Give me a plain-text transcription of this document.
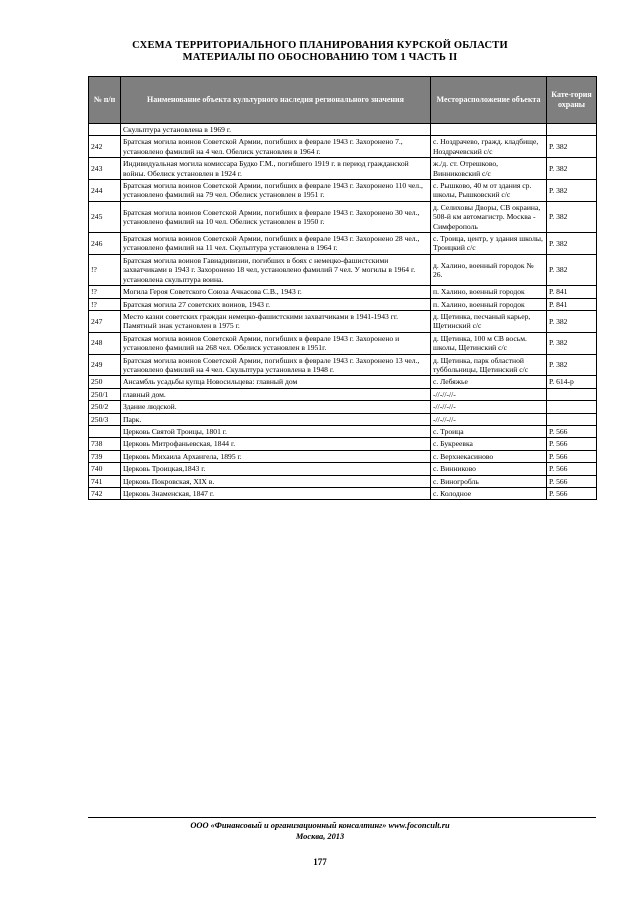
СХЕМА ТЕРРИТОРИАЛЬНОГО ПЛАНИРОВАНИЯ КУРСКОЙ ОБЛАСТИ
МАТЕРИАЛЫ ПО ОБОСНОВАНИЮ ТОМ 1 ЧАСТЬ II
№ п/п	Наименование объекта культурного наследия регионального значения	Месторасположение объекта	Кате-гория охраны
	Скульптура установлена в 1969 г.		
242	Братская могила воинов Советской Армии, погибших в феврале 1943 г. Захоронено 7., установлено фамилий на 4 чел. Обелиск установлен в 1964 г.	с. Ноздрачево, гражд. кладбище, Ноздрачевский с/с	Р. 382
243	Индивидуальная могила комиссара Будко Г.М., погибшего 1919 г. в период гражданской войны. Обелиск установлен в 1924 г.	ж./д. ст. Отрешково, Винниковский с/с	Р. 382
244	Братская могила воинов Советской Армии, погибших в феврале 1943 г. Захоронено 110 чел., установлено фамилий на 79 чел. Обелиск установлен в 1951 г.	с. Рышково, 40 м от здания ср. школы, Рышковский с/с	Р. 382
245	Братская могила воинов Советской Армии, погибших в феврале 1943 г. Захоронено 30 чел., установлено фамилий на 10 чел. Обелиск установлен в 1950 г.	д. Селиховы Дворы, СВ окраина, 508-й км автомагистр. Москва - Симферополь	Р. 382
246	Братская могила воинов Советской Армии, погибших в феврале 1943 г. Захоронено 28 чел., установлено фамилий на 11 чел. Скульптура установлена в 1964 г.	с. Троица, центр, у здания школы, Троицкий с/с	Р. 382
!?	Братская могила воинов Гавиадивизии, погибших в боях с немецко-фашистскими захватчиками в 1943 г. Захоронено 18 чел, установлено фамилий 7 чел. У могилы в 1964 г. установлена скульптура воина.	д. Халино, военный городок № 26.	Р. 382
!?	Могила Героя Советского Союза Ачкасова С.В., 1943 г.	п. Халино, военный городок	Р. 841
!?	Братская могила 27 советских воинов, 1943 г.	п. Халино, военный городок	Р. 841
247	Место казни советских граждан немецко-фашистскими захватчиками в 1941-1943 гг. Памятный знак установлен в 1975 г.	д. Щетинка, песчаный карьер, Щетинский с/с	Р. 382
248	Братская могила воинов Советской Армии, погибших в феврале 1943 г. Захоронено и установлено фамилий на 268 чел. Обелиск установлен в 1951г.	д. Щетинка, 100 м СВ восьм. школы, Щетинский с/с	Р. 382
249	Братская могила воинов Советской Армии, погибших в феврале 1943 г. Захоронено 13 чел., установлено фамилий на 4 чел. Скульптура установлена в 1948 г.	д. Щетинка, парк областной туббольницы, Щетинский с/с	Р. 382
250	Ансамбль усадьбы купца Новосильцева: главный дом	с. Лебяжье	Р. 614-р
250/1	главный дом.	-//-//-//-	
250/2	Здание людской.	-//-//-//-	
250/3	Парк.	-//-//-//-	
	Церковь Святой Троицы, 1801 г.	с. Троица	Р. 566
738	Церковь Митрофаньевская, 1844 г.	с. Букреевка	Р. 566
739	Церковь Михаила Архангела, 1895 г.	с. Верхнекасиново	Р. 566
740	Церковь Троицкая,1843 г.	с. Винниково	Р. 566
741	Церковь Покровская, XIX в.	с. Виногробль	Р. 566
742	Церковь Знаменская, 1847 г.	с. Колодное	Р. 566
ООО «Финансовый и организационный консалтинг» www.foconcult.ru
Москва, 2013
177
